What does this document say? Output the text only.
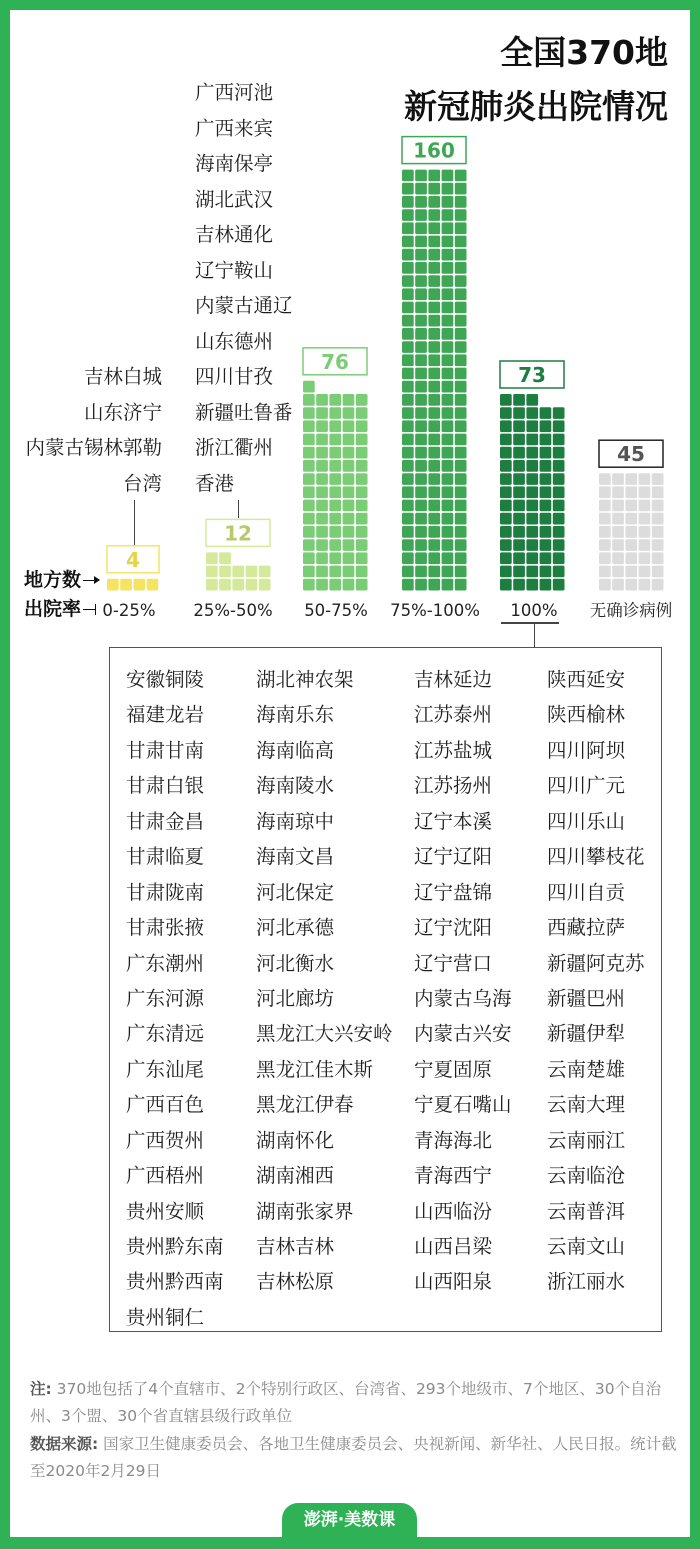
全国370地
新冠肺炎出院情况
吉林白城
山东济宁
内蒙古锡林郭勒
台湾
广西河池
广西来宾
海南保亭
湖北武汉
吉林通化
辽宁鞍山
内蒙古通辽
山东德州
四川甘孜
新疆吐鲁番
浙江衢州
香港
4
0-25%
12
25%-50%
76
50-75%
160
75%-100%
73
100%
45
无确诊病例
地方数
出院率
安徽铜陵	湖北神农架	吉林延边	陕西延安
福建龙岩	海南乐东	江苏泰州	陕西榆林
甘肃甘南	海南临高	江苏盐城	四川阿坝
甘肃白银	海南陵水	江苏扬州	四川广元
甘肃金昌	海南琼中	辽宁本溪	四川乐山
甘肃临夏	海南文昌	辽宁辽阳	四川攀枝花
甘肃陇南	河北保定	辽宁盘锦	四川自贡
甘肃张掖	河北承德	辽宁沈阳	西藏拉萨
广东潮州	河北衡水	辽宁营口	新疆阿克苏
广东河源	河北廊坊	内蒙古乌海	新疆巴州
广东清远	黑龙江大兴安岭	内蒙古兴安	新疆伊犁
广东汕尾	黑龙江佳木斯	宁夏固原	云南楚雄
广西百色	黑龙江伊春	宁夏石嘴山	云南大理
广西贺州	湖南怀化	青海海北	云南丽江
广西梧州	湖南湘西	青海西宁	云南临沧
贵州安顺	湖南张家界	山西临汾	云南普洱
贵州黔东南	吉林吉林	山西吕梁	云南文山
贵州黔西南	吉林松原	山西阳泉	浙江丽水
贵州铜仁

注: 370地包括了4个直辖市、2个特别行政区、台湾省、293个地级市、7个地区、30个自治州、3个盟、30个省直辖县级行政单位

数据来源: 国家卫生健康委员会、各地卫生健康委员会、央视新闻、新华社、人民日报。统计截至2020年2月29日

澎湃·美数课
